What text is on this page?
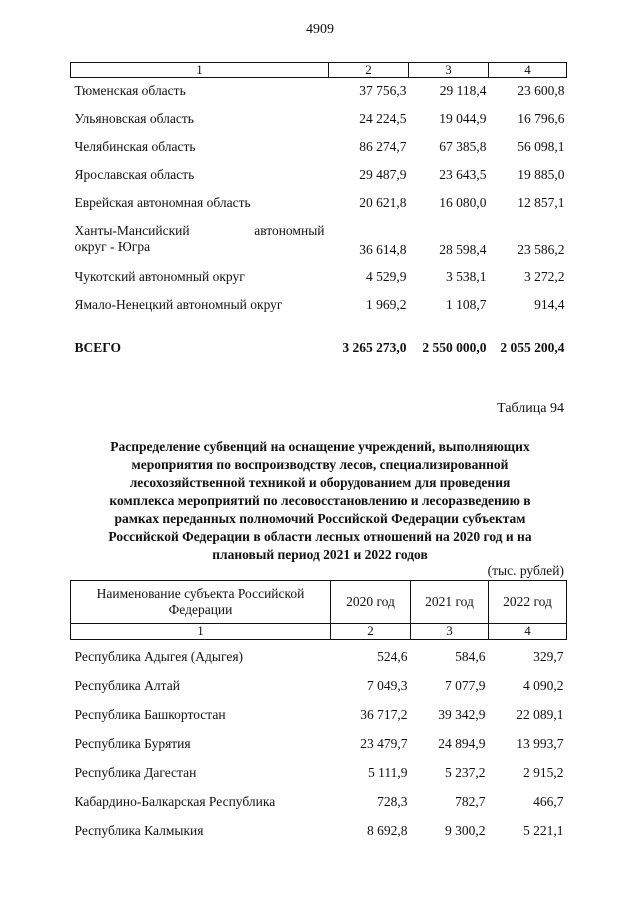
4909
1	2	3	4
Тюменская область	37 756,3	29 118,4	23 600,8
Ульяновская область	24 224,5	19 044,9	16 796,6
Челябинская область	86 274,7	67 385,8	56 098,1
Ярославская область	29 487,9	23 643,5	19 885,0
Еврейская автономная область	20 621,8	16 080,0	12 857,1

Ханты-Мансийский автономный
округ - Югра	36 614,8	28 598,4	23 586,2
Чукотский автономный округ	4 529,9	3 538,1	3 272,2
Ямало-Ненецкий автономный округ	1 969,2	1 108,7	914,4
ВСЕГО	3 265 273,0	2 550 000,0	2 055 200,4
Таблица 94
Распределение субвенций на оснащение учреждений, выполняющих
мероприятия по воспроизводству лесов, специализированной
лесохозяйственной техникой и оборудованием для проведения
комплекса мероприятий по лесовосстановлению и лесоразведению в
рамках переданных полномочий Российской Федерации субъектам
Российской Федерации в области лесных отношений на 2020 год и на
плановый период 2021 и 2022 годов
(тыс. рублей)
Наименование субъекта Российской Федерации	2020 год	2021 год	2022 год
1	2	3	4
Республика Адыгея (Адыгея)	524,6	584,6	329,7
Республика Алтай	7 049,3	7 077,9	4 090,2
Республика Башкортостан	36 717,2	39 342,9	22 089,1
Республика Бурятия	23 479,7	24 894,9	13 993,7
Республика Дагестан	5 111,9	5 237,2	2 915,2
Кабардино-Балкарская Республика	728,3	782,7	466,7
Республика Калмыкия	8 692,8	9 300,2	5 221,1
